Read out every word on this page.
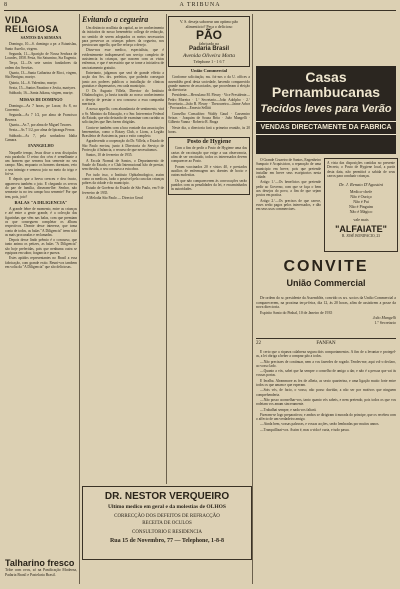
8	A TRIBUNA
VIDA RELIGIOSA
SANTOS DA SEMANA

Domingo, 10—S. domingo a pe. a Estanislau, Santo Aurelio, virgem.

Segunda, 11—Aparição de Nossa Senhora de Lourdes, 1858. Festa, Sto Saturnino, Sta Eugenia.

Terça, 12—Os sete santos fundadores da ordem dos Servitas.

Quarta, 13—Santa Catharina de Ricci, virgem, São Benigno, martyr.

Quinta, 14—S. Valentino, martyr.

Sexta, 15—Santos Faustino e Jovita, martyres.

Sabbado, 16—Santa Juliana, virgem, martyr.

MISSAS DE DOMINGO

Domingo—As 7 horas, pe Lucas; As 8, no Convento.

Segunda—As 7 1/2, por alma de Francisco Bezerra.

Quarta—As 7, por alma de Miguel Tavares.

Sexta—As 7 1/2, por alma de Ipiranga Ferraz.

Sabbado—As 7, pela sonhadora Idalia Camara.

EVANGELHO

Naquelle tempo, Jesus disse a seus discipulos esta parabola: O reino dos céos é semelhante a um homem que semeou boa semente no seu campo. Mas, enquanto os homens dormiam, veio o seu inimigo e semeou joio no meio do trigo e foi-se.

E depois que a herva cresceu e deu fructo, appareceu também o joio. E chegando os servos do pae de familia, disseram-lhe: Senhor, não semeaste tu no teu campo boa semente? Por que tem, pois, joio?

BALAS "A DILIGENCIA"

A grande febre de momento, entre as crianças e até entre a gente grande, é a colecção das figurinhas que vêm nas balas, com que premiam os que conseguem completar os álbuns respectivos. Deante desse interesse, que toma conta de todos, as balas "A Diligencia" teem sido as mais procuradas e reclamadas.

Depois desse lindo prêmio é o concurso, que tanto anima os petizes, as balas "A Diligencia" são hoje preferidas, pois que nenhuma outra se equipara em sabor, fragancia e pureza.

Estes aptidos representantes no Brasil a essa fabricação, com grande exito. Reuni-vos tambem em volta da "A Diligencia" que são deliciosas.

Talharino fresco
Tribe com ovos, só na Panificação Moderna, Padaria Brasil e Pastelaria Brasil.
Evitando a cegueira

Um distincto ocullista da capital, ao ter conhecimento da iniciativa do nosso benemérito collega de redacção, no sentido de serem adoptados os meios necessarios para preservar as crianças pobres da cegueira, nos prestou um appello, que lhe reforça o desejo.

Disse-nos esse medico, especialista, que é evidentemente indispensavel um serviço completo de assistencia às crianças, que nascem com as vistas enfermas, e que é necessário que se tome a iniciativa de um tratamento gratuito.

Entretanto, julgamos que será de grande effeito a acção dos Srs. drs. prefeitos, que poderão conseguir junto aos poderes publicos a installação de clinicas gratuitas e dispensarios, em cada municipio.

O Dr. Augusto Villela, Director do Instituto Oftalmologico, ja havia trazido ao nosso conhecimento o desejo de prestar o seu concurso a essa campanha meritoria.

A nosso appello, com abundancia de sentimento, virá o Sr. Ministro da Educação, e o Snr. Interventor Federal do Estado, que não deixarão de examinar com carinho as solicitações que lhes forem dirigidas.

Conta-se também com a boa vontade das associações benemeritas, como o Rotary Club, o Lions, a Legião Brasileira de Assistencia, para o exito completo.

Agradecendo a cooperação do Dr. Villela, o Estado de São Paulo enviou, junto à Directoria do Serviço de Protecção á Infancia, o recurso de que necessitamos.

Santos, 10 de fevereiro de 1935.

A Escola Normal de Santos, o Departamento de Saude do Estado, e o Club Internacional hão de prestar, sem duvida, o seu concurso a esta obra.

Por tudo isso, o Instituto Ophtalmologico, assim como os medicos, farão o possivel pela cura das crianças pobres da cidade e do municipio.

Estudo de Govêrno do Estado de São Paulo, em 9 de fevereiro de 1935.

A Melodia São Paulo — Director Geral

DR. NESTOR VERQUEIRO
Ultimo medico em geral e da molestias de OLHOS
CORRECÇÃO DOS DEFEITOS DE REFRACÇÃO
RECEITA DE OCULOS
CONSULTORIO E RESIDENCIA
Rua 15 de Novembro, 77 — Telephone, 1-8-8
V. S. deseja saborear um optimo pão alimenticio? Peça o delicioso
PÃO
fabricado na
Padaria Brasil
Avenida Oliveira Motta
Telephone 1 - 1 6 7
União Commercial

Conforme solicitação, ms. foi-nos o da U. offices a assembléa geral desta sociedade, havendo comparecido grande numero de associados, que procederam á eleição da directoria:

Presidente—Herculano M. Fleury · Vice Presidente—Pedro Moreira · 1.º Secretario—João Adolpho · 2.º Secretario—João B. Fleury · Thesoureiro—Jaime Arbor · Procurador—Ernesto Sellitti

Conselho Consultivo: Waldy Gaud · Cassemiro Seixas · Joaquim de Souza Brito · João Mangelli · Gilberto Vanna · Roberto R. Braga

Neste dia, a directoria fará a primeira reunião, às 20 horas.

Posto de Hygiene

Com a fim de pedir a Posto de Hygiene uma das cartas de vaccinação que exige a sua observancia, afim de ser vaccinado, todos os interessados devem comparecer ao Posto.

Foram vaccinados 20 e vistos 40, e prestados auxilios de enfermagem aos doentes de bocio e outras molestias.

Os que não comparecerem às convocações serão punidos com as penalidades da lei, e encaminhados às autoridades.

Casas Pernambucanas
Tecidos leves para Verão
VENDAS DIRECTAMENTE DA FABRICA

O Grande Cruzeiro de Santos, Engenheiro Sampaio é Acquisicion, a reparação de uma municipio em breve, pois que pretende installar em breve seus escriptorios nesta cidade.

Artigo 1.º—Os beneficios que pretende pedir ao Governo, com que se faça o bem aos desejos do povo, a fim de que sejam postos em pratica.

Artigo 2.º—Os precisos de que carece, esses serão pagos pelos interessados, e dão em seus usos commerciaes.

A vista das disposições contidas no presente Decreto, o Posto de Hygiene local, a partir desta data, não permitirá a sahida de seus carros para conduzir crianças.
Dr. J. Renato D'Agostini
Medico-chefe
Não é Ouriço
Não é Pai
Não é Pinguim
Não é Mágico
vale mais
"ALFAIATE"
R. JOSÉ BONIFACIO, 23
CONVITE
União Commercial

De ordem do sr. presidente da Assembléa, convido os srs. socios da União Commercial a comparecerem, na proxima terça-feira, dia 12, ás 20 horas, afim de assistirem a posse da nova directoria.

Espirito Santo do Pinhal, 10 de Janeiro de 1935

João Mangelli
1.º Secretario
22	FANFAN

E certo que a riqueza calabreza segura dois comportamentos. A fim de a levantar e protegel-as, a lei obriga a beber a comprar pão a todos.

—Não precisaes de continuar, nem a vos fazerdes de rogado. Tendes-me, aqui vol-o declaro, ao vosso lado.

—Quanto a vós, sabei que ha sempre o conselho de amigo a dar, e não é a pessoa que vai ás vossas portas.

E Ieralba. Aleammore as fez de alheia, as sexto quarterina, e uma ligação muito forte entre todos os que amam e que esperam.

—Sois vós, de facto, o vosso, não posso duvidar, a não ser por motivos que ninguem comprehenderia.

—Não posso aconselhar-vos, tanto quanto vós sabeis, e nem pretendo, pois todos os que vos rodeiam vos amam sinceramente.

—Trabalhai sempre, e nada vos faltará.

Fizeram-se logo preparativos; e ambos se dirigiram á morada do principe, que os recebeu com o affecto de um verdadeiro amigo.

—Ainda bem, vossas palavras, e vossas acções, serão lembradas por muitos annos.

—Tranquillizai-vos. Assim é, mas a vida é curta, e tudo passa.
